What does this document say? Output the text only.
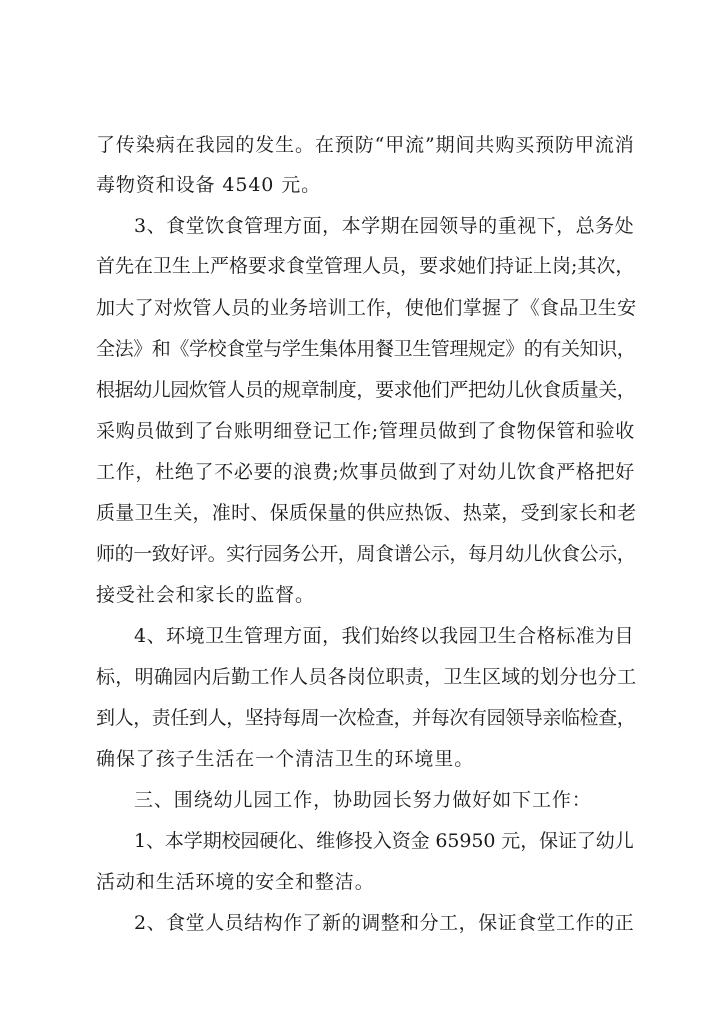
了传染病在我园的发生。在预防“甲流”期间共购买预防甲流消
毒物资和设备 4540 元。
3、食堂饮食管理方面，本学期在园领导的重视下，总务处
首先在卫生上严格要求食堂管理人员，要求她们持证上岗;其次，
加大了对炊管人员的业务培训工作，使他们掌握了《食品卫生安
全法》和《学校食堂与学生集体用餐卫生管理规定》的有关知识，
根据幼儿园炊管人员的规章制度，要求他们严把幼儿伙食质量关，
采购员做到了台账明细登记工作;管理员做到了食物保管和验收
工作，杜绝了不必要的浪费;炊事员做到了对幼儿饮食严格把好
质量卫生关，准时、保质保量的供应热饭、热菜，受到家长和老
师的一致好评。实行园务公开，周食谱公示，每月幼儿伙食公示，
接受社会和家长的监督。
4、环境卫生管理方面，我们始终以我园卫生合格标准为目
标，明确园内后勤工作人员各岗位职责，卫生区域的划分也分工
到人，责任到人，坚持每周一次检查，并每次有园领导亲临检查，
确保了孩子生活在一个清洁卫生的环境里。
三、围绕幼儿园工作，协助园长努力做好如下工作：
1、本学期校园硬化、维修投入资金 65950 元，保证了幼儿
活动和生活环境的安全和整洁。
2、食堂人员结构作了新的调整和分工，保证食堂工作的正
